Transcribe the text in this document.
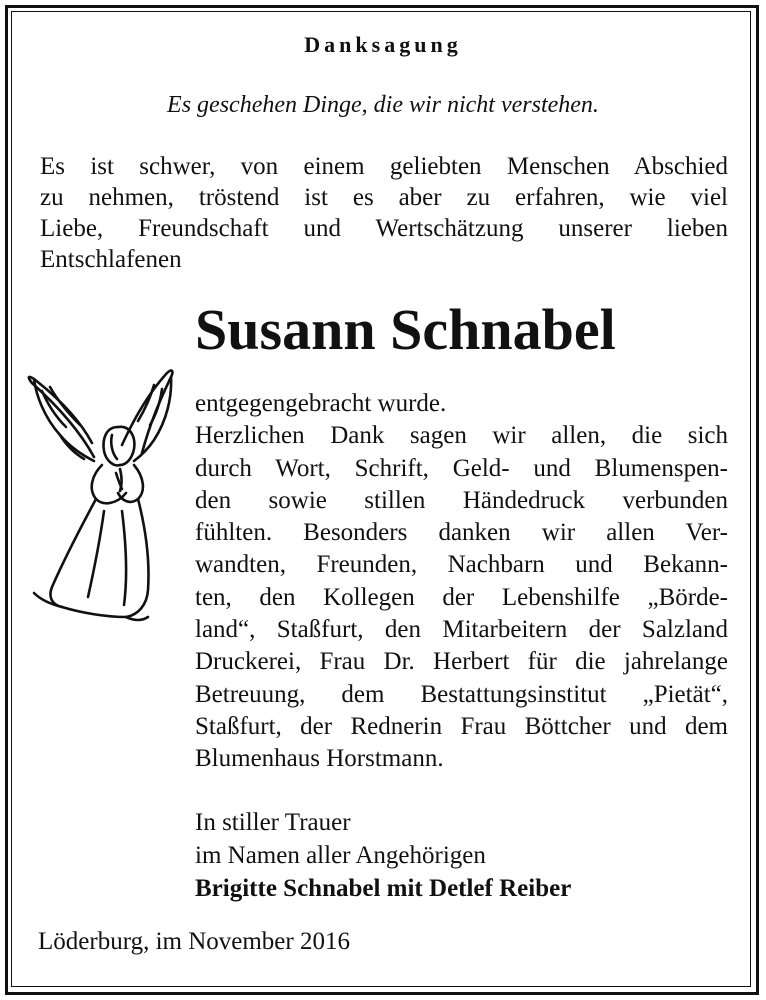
Danksagung
Es geschehen Dinge, die wir nicht verstehen.
Es ist schwer, von einem geliebten Menschen Abschied
zu nehmen, tröstend ist es aber zu erfahren, wie viel
Liebe, Freundschaft und Wertschätzung unserer lieben
Entschlafenen
Susann Schnabel
entgegengebracht wurde.
Herzlichen Dank sagen wir allen, die sich
durch Wort, Schrift, Geld- und Blumenspen-
den sowie stillen Händedruck verbunden
fühlten. Besonders danken wir allen Ver-
wandten, Freunden, Nachbarn und Bekann-
ten, den Kollegen der Lebenshilfe „Börde-
land“, Staßfurt, den Mitarbeitern der Salzland
Druckerei, Frau Dr. Herbert für die jahrelange
Betreuung, dem Bestattungsinstitut „Pietät“,
Staßfurt, der Rednerin Frau Böttcher und dem
Blumenhaus Horstmann.
In stiller Trauer
im Namen aller Angehörigen
Brigitte Schnabel mit Detlef Reiber
Löderburg, im November 2016
